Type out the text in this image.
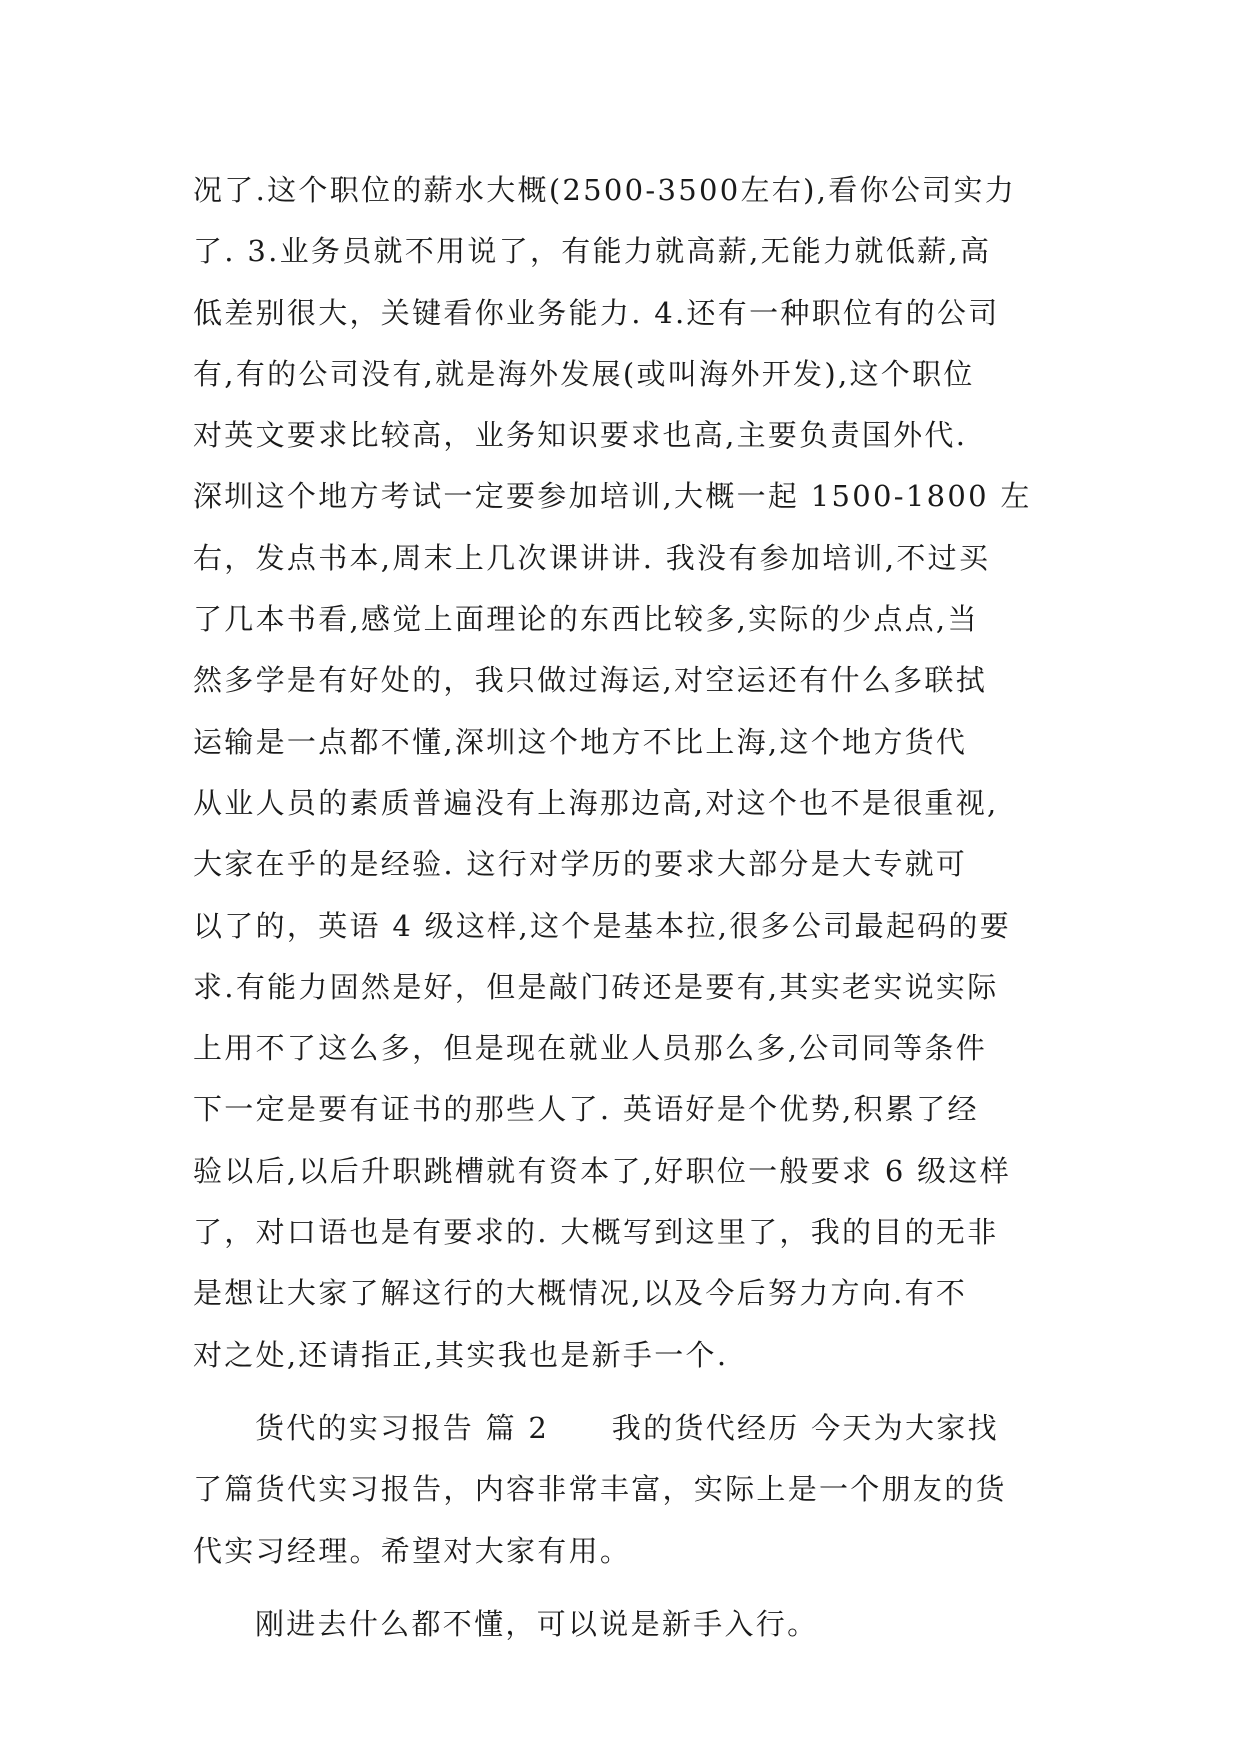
况了.这个职位的薪水大概(2500-3500左右),看你公司实力
了. 3.业务员就不用说了，有能力就高薪,无能力就低薪,高
低差别很大，关键看你业务能力. 4.还有一种职位有的公司
有,有的公司没有,就是海外发展(或叫海外开发),这个职位
对英文要求比较高，业务知识要求也高,主要负责国外代.
深圳这个地方考试一定要参加培训,大概一起 1500-1800 左
右，发点书本,周末上几次课讲讲. 我没有参加培训,不过买
了几本书看,感觉上面理论的东西比较多,实际的少点点,当
然多学是有好处的，我只做过海运,对空运还有什么多联拭
运输是一点都不懂,深圳这个地方不比上海,这个地方货代
从业人员的素质普遍没有上海那边高,对这个也不是很重视,
大家在乎的是经验. 这行对学历的要求大部分是大专就可
以了的，英语 4 级这样,这个是基本拉,很多公司最起码的要
求.有能力固然是好，但是敲门砖还是要有,其实老实说实际
上用不了这么多，但是现在就业人员那么多,公司同等条件
下一定是要有证书的那些人了. 英语好是个优势,积累了经
验以后,以后升职跳槽就有资本了,好职位一般要求 6 级这样
了，对口语也是有要求的. 大概写到这里了，我的目的无非
是想让大家了解这行的大概情况,以及今后努力方向.有不
对之处,还请指正,其实我也是新手一个.
货代的实习报告 篇 2　　我的货代经历 今天为大家找
了篇货代实习报告，内容非常丰富，实际上是一个朋友的货
代实习经理。希望对大家有用。
刚进去什么都不懂，可以说是新手入行。
